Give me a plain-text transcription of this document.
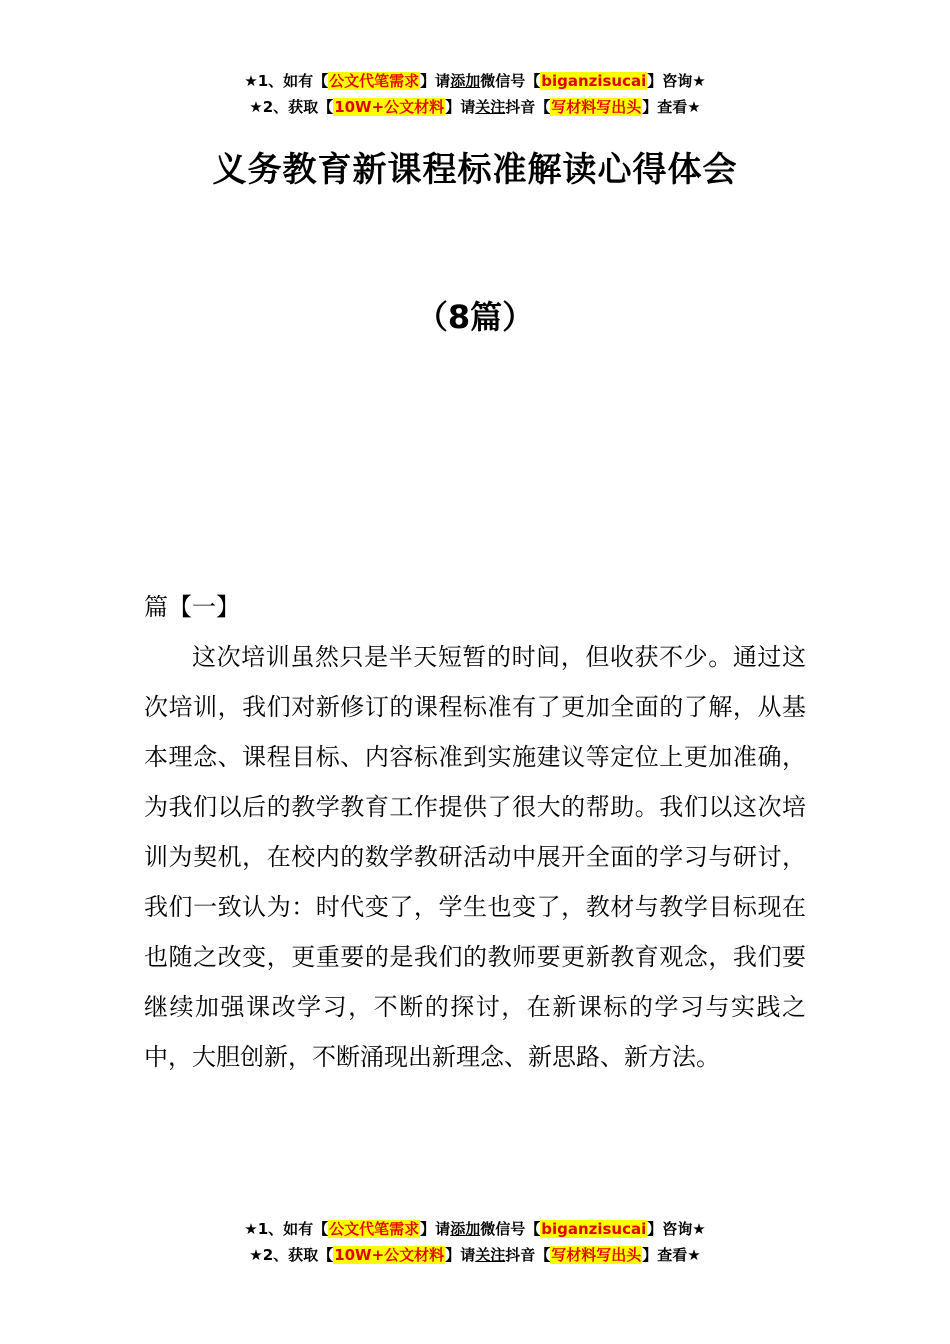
★1、如有【公文代笔需求】请添加微信号【biganzisucai】咨询★
★2、获取【10W+公文材料】请关注抖音【写材料写出头】查看★
义务教育新课程标准解读心得体会
（8篇）
篇【一】

这次培训虽然只是半天短暂的时间，但收获不少。通过这次培训，我们对新修订的课程标准有了更加全面的了解，从基本理念、课程目标、内容标准到实施建议等定位上更加准确，为我们以后的教学教育工作提供了很大的帮助。我们以这次培训为契机，在校内的数学教研活动中展开全面的学习与研讨，我们一致认为：时代变了，学生也变了，教材与教学目标现在也随之改变，更重要的是我们的教师要更新教育观念，我们要继续加强课改学习，不断的探讨，在新课标的学习与实践之中，大胆创新，不断涌现出新理念、新思路、新方法。

★1、如有【公文代笔需求】请添加微信号【biganzisucai】咨询★
★2、获取【10W+公文材料】请关注抖音【写材料写出头】查看★
